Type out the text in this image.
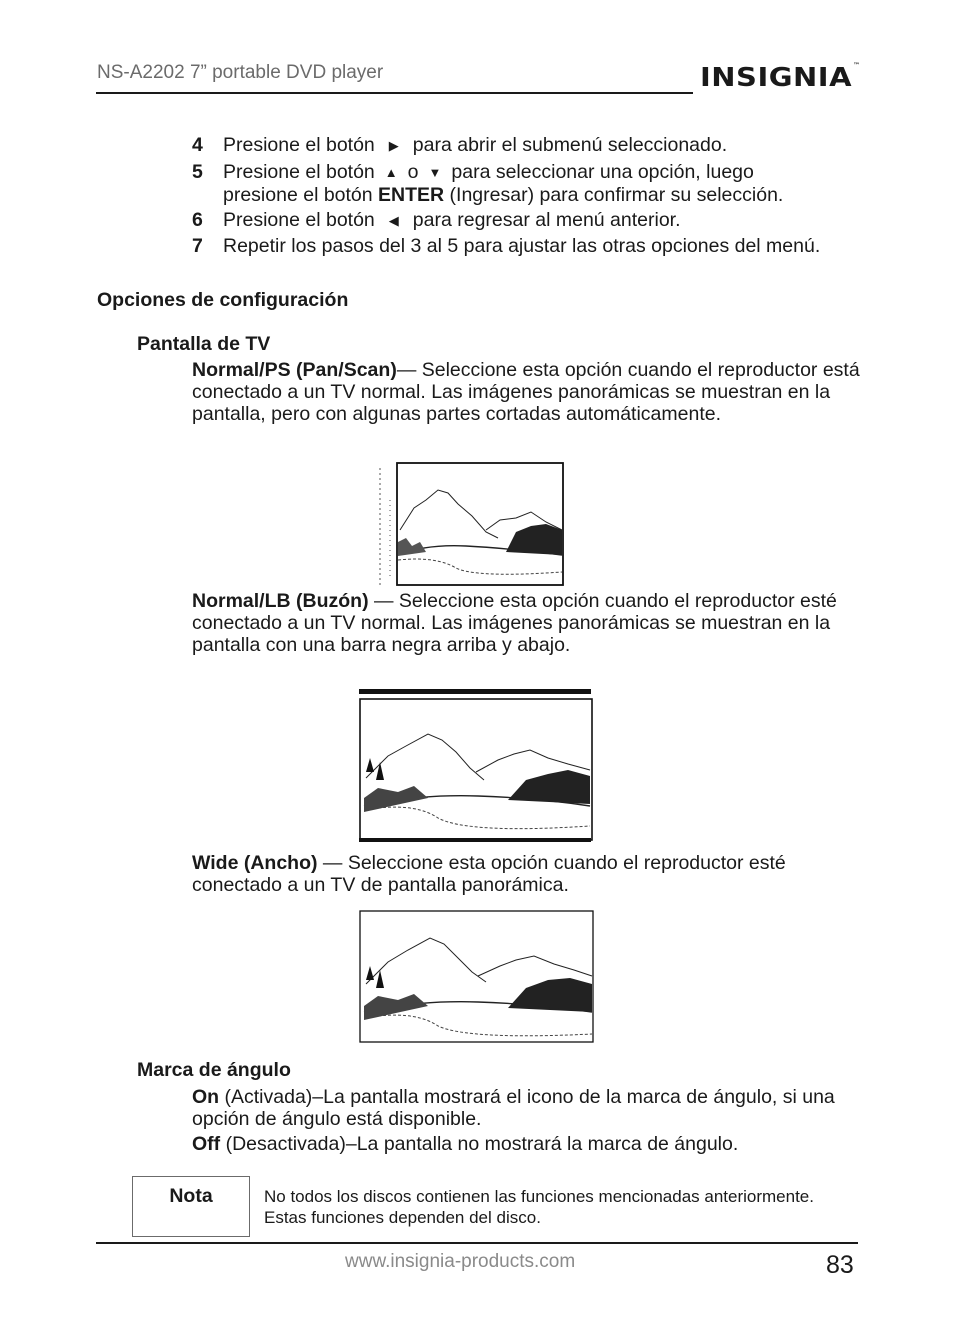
NS-A2202 7” portable DVD player	INSIGNIA™
4 Presione el botón ▶ para abrir el submenú seleccionado.
5 Presione el botón ▲ o ▼ para seleccionar una opción, luego
presione el botón ENTER (Ingresar) para confirmar su selección.
6 Presione el botón ◀ para regresar al menú anterior.
7 Repetir los pasos del 3 al 5 para ajustar las otras opciones del menú.
Opciones de configuración
Pantalla de TV
Normal/PS (Pan/Scan)— Seleccione esta opción cuando el reproductor está conectado a un TV normal. Las imágenes panorámicas se muestran en la pantalla, pero con algunas partes cortadas automáticamente.
Normal/LB (Buzón) — Seleccione esta opción cuando el reproductor esté conectado a un TV normal. Las imágenes panorámicas se muestran en la pantalla con una barra negra arriba y abajo.
Wide (Ancho) — Seleccione esta opción cuando el reproductor esté conectado a un TV de pantalla panorámica.
Marca de ángulo
On (Activada)–La pantalla mostrará el icono de la marca de ángulo, si una opción de ángulo está disponible.
Off (Desactivada)–La pantalla no mostrará la marca de ángulo.
Nota	No todos los discos contienen las funciones mencionadas anteriormente. Estas funciones dependen del disco.
www.insignia-products.com	83
